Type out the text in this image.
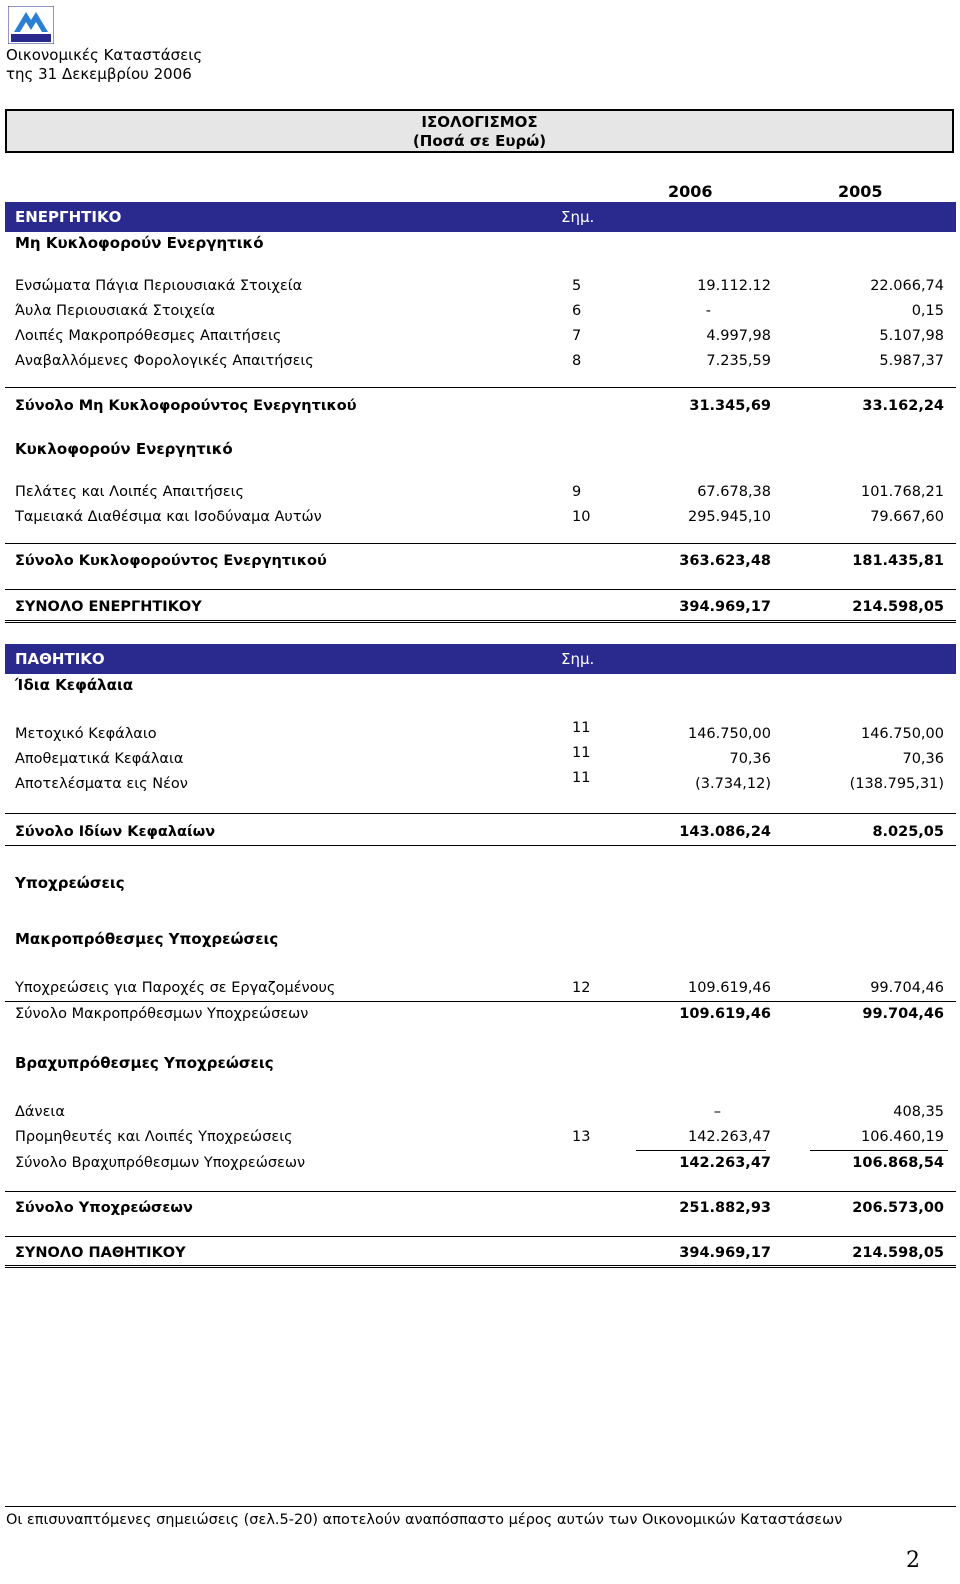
Οικονομικές Καταστάσεις
της 31 Δεκεμβρίου 2006
ΙΣΟΛΟΓΙΣΜΟΣ
(Ποσά σε Ευρώ)
2006	2005
ΕΝΕΡΓΗΤΙΚΟ	Σημ.
Μη Κυκλοφορούν Ενεργητικό
Ενσώματα Πάγια Περιουσιακά Στοιχεία	5	19.112.12	22.066,74
Άυλα Περιουσιακά Στοιχεία	6	-	0,15
Λοιπές Μακροπρόθεσμες Απαιτήσεις	7	4.997,98	5.107,98
Αναβαλλόμενες Φορολογικές Απαιτήσεις	8	7.235,59	5.987,37
Σύνολο Μη Κυκλοφορούντος Ενεργητικού	31.345,69	33.162,24
Κυκλοφορούν Ενεργητικό
Πελάτες και Λοιπές Απαιτήσεις	9	67.678,38	101.768,21
Ταμειακά Διαθέσιμα και Ισοδύναμα Αυτών	10	295.945,10	79.667,60
Σύνολο Κυκλοφορούντος Ενεργητικού	363.623,48	181.435,81
ΣΥΝΟΛΟ ΕΝΕΡΓΗΤΙΚΟΥ	394.969,17	214.598,05
ΠΑΘΗΤΙΚΟ	Σημ.
Ίδια Κεφάλαια
Μετοχικό Κεφάλαιο	11	146.750,00	146.750,00
Αποθεματικά Κεφάλαια	11	70,36	70,36
Αποτελέσματα εις Νέον	11	(3.734,12)	(138.795,31)
Σύνολο Ιδίων Κεφαλαίων	143.086,24	8.025,05
Υποχρεώσεις
Μακροπρόθεσμες Υποχρεώσεις
Υποχρεώσεις για Παροχές σε Εργαζομένους	12	109.619,46	99.704,46
Σύνολο Μακροπρόθεσμων Υποχρεώσεων	109.619,46	99.704,46
Βραχυπρόθεσμες Υποχρεώσεις
Δάνεια	–	408,35
Προμηθευτές και Λοιπές Υποχρεώσεις	13	142.263,47	106.460,19
Σύνολο Βραχυπρόθεσμων Υποχρεώσεων	142.263,47	106.868,54
Σύνολο Υποχρεώσεων	251.882,93	206.573,00
ΣΥΝΟΛΟ ΠΑΘΗΤΙΚΟΥ	394.969,17	214.598,05
Οι επισυναπτόμενες σημειώσεις (σελ.5-20) αποτελούν αναπόσπαστο μέρος αυτών των Οικονομικών Καταστάσεων
2
